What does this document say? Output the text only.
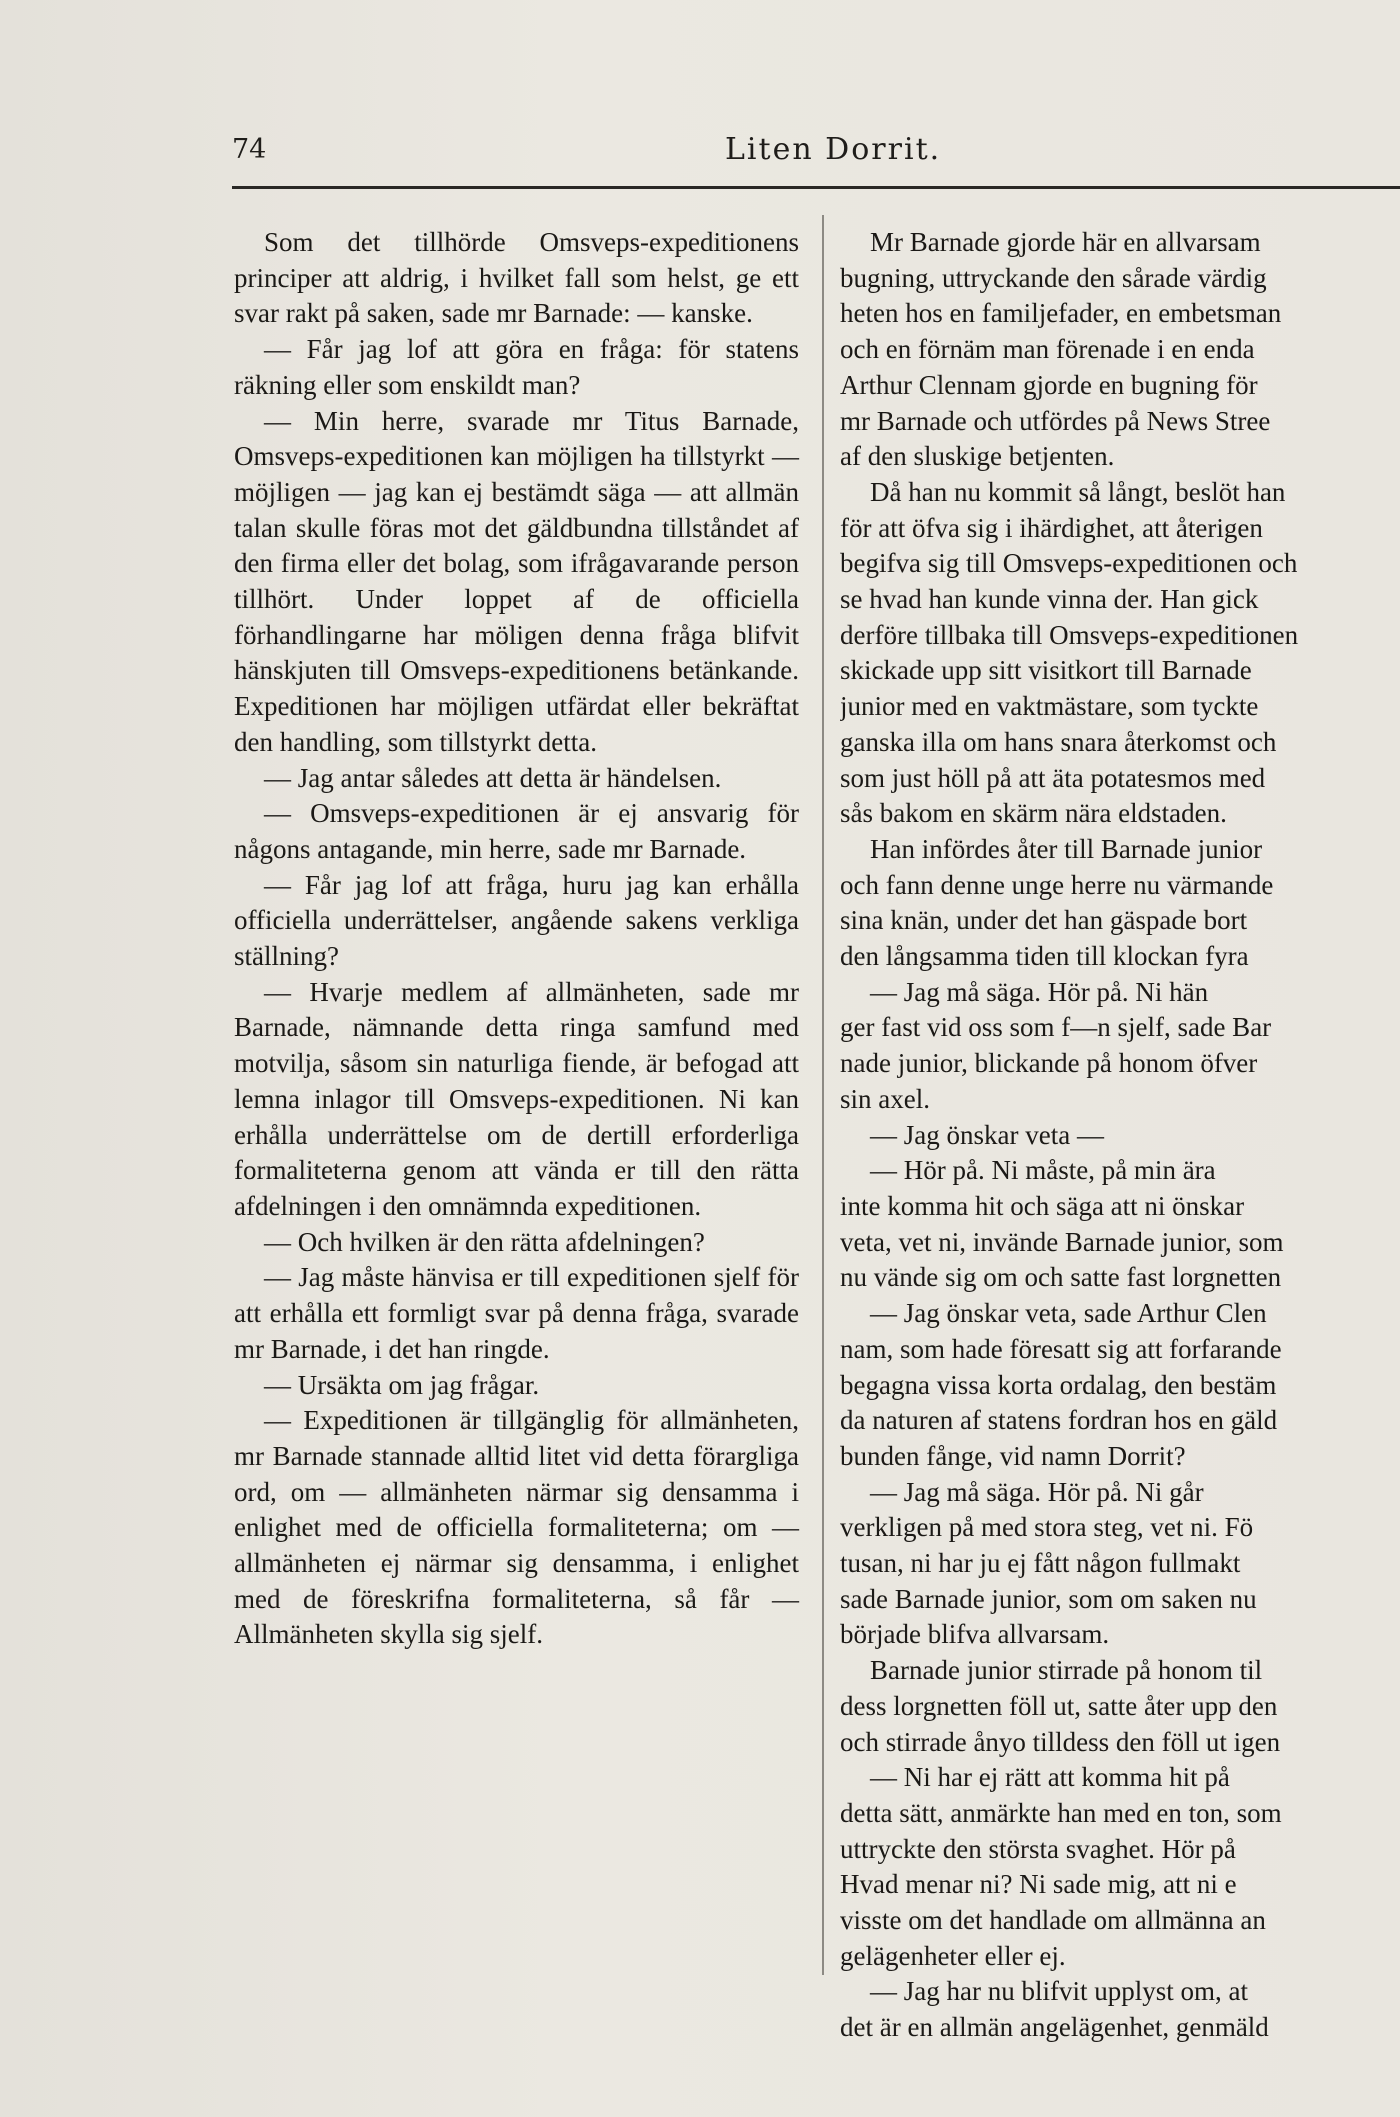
74	Liten Dorrit.

Som det tillhörde Omsveps-expeditionens principer att aldrig, i hvilket fall som helst, ge ett svar rakt på saken, sade mr Barnade: — kanske.

— Får jag lof att göra en fråga: för statens räkning eller som enskildt man?

— Min herre, svarade mr Titus Barnade, Omsveps-expeditionen kan möjligen ha tillstyrkt — möjligen — jag kan ej bestämdt säga — att allmän talan skulle föras mot det gäldbundna tillståndet af den firma eller det bolag, som ifrågavarande person tillhört. Under loppet af de officiella förhandlingarne har möligen denna fråga blifvit hänskjuten till Omsveps-expeditionens betänkande. Expeditionen har möjligen utfärdat eller bekräftat den handling, som tillstyrkt detta.

— Jag antar således att detta är händelsen.

— Omsveps-expeditionen är ej ansvarig för någons antagande, min herre, sade mr Barnade.

— Får jag lof att fråga, huru jag kan erhålla officiella underrättelser, angående sakens verkliga ställning?

— Hvarje medlem af allmänheten, sade mr Barnade, nämnande detta ringa samfund med motvilja, såsom sin naturliga fiende, är befogad att lemna inlagor till Omsveps-expeditionen. Ni kan erhålla underrättelse om de dertill erforderliga formaliteterna genom att vända er till den rätta afdelningen i den omnämnda expeditionen.

— Och hvilken är den rätta afdelningen?

— Jag måste hänvisa er till expeditionen sjelf för att erhålla ett formligt svar på denna fråga, svarade mr Barnade, i det han ringde.

— Ursäkta om jag frågar.

— Expeditionen är tillgänglig för allmänheten, mr Barnade stannade alltid litet vid detta förargliga ord, om — allmänheten närmar sig densamma i enlighet med de officiella formaliteterna; om — allmänheten ej närmar sig densamma, i enlighet med de föreskrifna formaliteterna, så får — Allmänheten skylla sig sjelf.

Mr Barnade gjorde här en allvarsam
bugning, uttryckande den sårade värdig
heten hos en familjefader, en embetsman
och en förnäm man förenade i en enda
Arthur Clennam gjorde en bugning för
mr Barnade och utfördes på News Stree
af den sluskige betjenten.
Då han nu kommit så långt, beslöt han
för att öfva sig i ihärdighet, att återigen
begifva sig till Omsveps-expeditionen och
se hvad han kunde vinna der. Han gick
derföre tillbaka till Omsveps-expeditionen
skickade upp sitt visitkort till Barnade
junior med en vaktmästare, som tyckte
ganska illa om hans snara återkomst och
som just höll på att äta potatesmos med
sås bakom en skärm nära eldstaden.
Han infördes åter till Barnade junior
och fann denne unge herre nu värmande
sina knän, under det han gäspade bort
den långsamma tiden till klockan fyra
— Jag må säga. Hör på. Ni hän
ger fast vid oss som f—n sjelf, sade Bar
nade junior, blickande på honom öfver
sin axel.
— Jag önskar veta —
— Hör på. Ni måste, på min ära
inte komma hit och säga att ni önskar
veta, vet ni, invände Barnade junior, som
nu vände sig om och satte fast lorgnetten
— Jag önskar veta, sade Arthur Clen
nam, som hade föresatt sig att forfarande
begagna vissa korta ordalag, den bestäm
da naturen af statens fordran hos en gäld
bunden fånge, vid namn Dorrit?
— Jag må säga. Hör på. Ni går
verkligen på med stora steg, vet ni. Fö
tusan, ni har ju ej fått någon fullmakt
sade Barnade junior, som om saken nu
började blifva allvarsam.
Barnade junior stirrade på honom til
dess lorgnetten föll ut, satte åter upp den
och stirrade ånyo tilldess den föll ut igen
— Ni har ej rätt att komma hit på
detta sätt, anmärkte han med en ton, som
uttryckte den största svaghet. Hör på
Hvad menar ni? Ni sade mig, att ni e
visste om det handlade om allmänna an
gelägenheter eller ej.
— Jag har nu blifvit upplyst om, at
det är en allmän angelägenhet, genmäld
